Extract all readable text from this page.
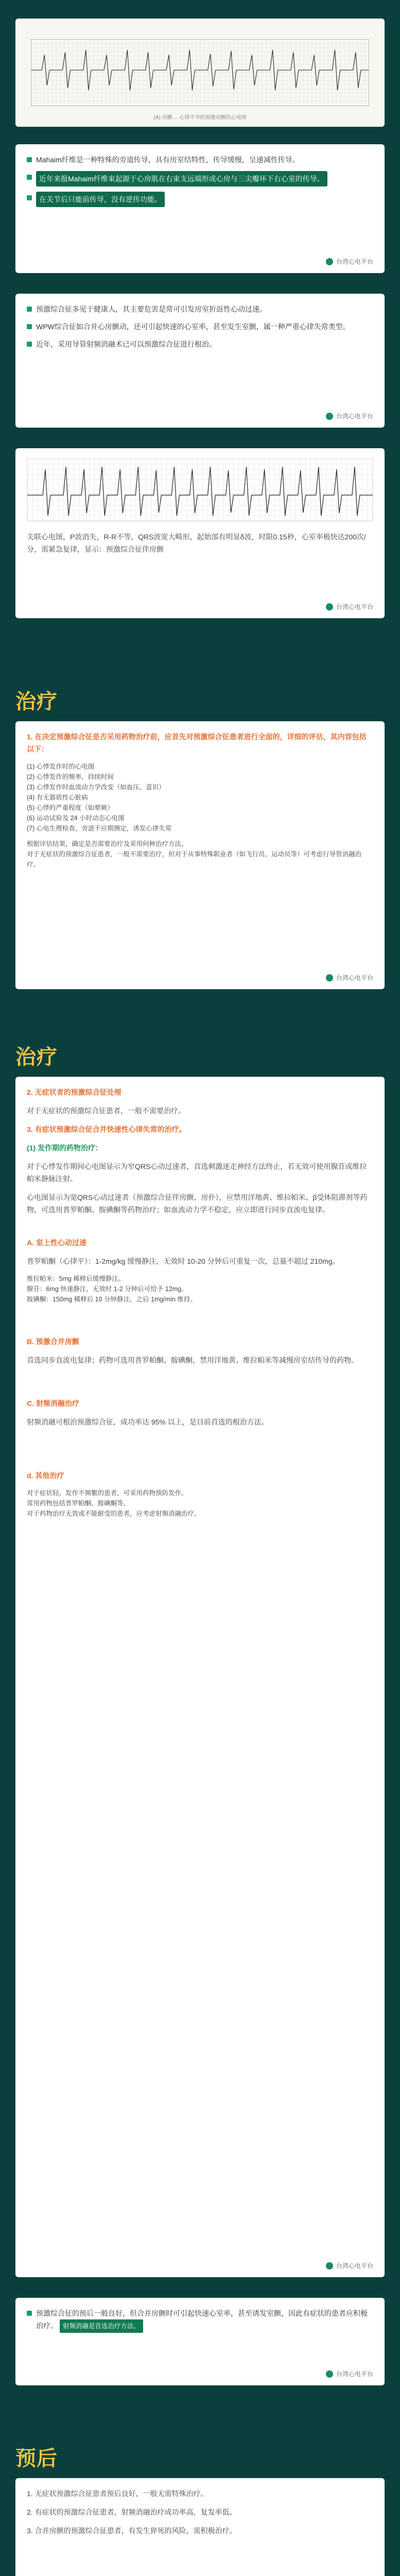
(A) 房颤 ... 心律不齐的预激房颤的心电图
Mahaim纤维是一种特殊的旁道传导，具有房室结特性，传导缓慢，呈递减性传导。
近年来报Mahaim纤维束起源于心房肌在右束支远端形成心房与三尖瓣环下右心室的传导。
在关节后只能前传导，没有逆传功能。
台湾心电平台
预激综合征多见于健康人，其主要危害是常可引发房室折返性心动过速。
WPW综合征如合并心房颤动，还可引起快速的心室率，甚至发生室颤，属一种严重心律失常类型。
近年，采用导管射频消融术已可以预激综合征进行根治。
台湾心电平台

关联心电图，P波消失，R-R不等，QRS波宽大畸形，起始部有明显δ波，时限0.15秒，心室率极快达200次/分，需紧急复律，显示：预激综合征伴房颤

台湾心电平台
治疗

1. 在决定预激综合征是否采用药物治疗前，应首先对预激综合征患者进行全面的，详细的评估，其内容包括以下：

(1) 心悸发作时的心电图

(2) 心悸发作的频率，持续时间

(3) 心悸发作时血流动力学改变（如血压、意识）

(4) 有无器质性心脏病

(5) 心悸的严重程度（如晕厥）

(6) 运动试验及 24 小时动态心电图

(7) 心电生理检查，旁道不应期测定，诱发心律失常

根据评估结果，确定是否需要治疗及采用何种治疗方法。

对于无症状的预激综合征患者，一般不需要治疗，但对于从事特殊职业者（如飞行员、运动员等）可考虑行导管消融治疗。

台湾心电平台
治疗

2. 无症状者的预激综合征处理

对于无症状的预激综合征患者，一般不需要治疗。

3. 有症状预激综合征合并快速性心律失常的治疗。

(1) 发作期的药物治疗：

对于心悸发作期间心电图显示为窄QRS心动过速者，首选刺激迷走神经方法终止，若无效可使用腺苷或维拉帕米静脉注射。

心电图显示为宽QRS心动过速者（预激综合征伴房颤、房扑），应禁用洋地黄、维拉帕米、β受体阻滞剂等药物，可选用普罗帕酮、胺碘酮等药物治疗；如血流动力学不稳定，应立即进行同步直流电复律。

A. 室上性心动过速

普罗帕酮（心律平）：1-2mg/kg 缓慢静注，无效时 10-20 分钟后可重复一次，总量不超过 210mg。

维拉帕米：5mg 稀释后缓慢静注。

腺苷：6mg 快速静注，无效时 1-2 分钟后可给予 12mg。

胺碘酮：150mg 稀释后 10 分钟静注，之后 1mg/min 维持。

B. 预激合并房颤

首选同步直流电复律；药物可选用普罗帕酮、胺碘酮，禁用洋地黄、维拉帕米等减慢房室结传导的药物。

C. 射频消融治疗

射频消融可根治预激综合征，成功率达 95% 以上，是目前首选的根治方法。

d. 其他治疗

对于症状轻、发作不频繁的患者，可采用药物预防发作。

常用药物包括普罗帕酮、胺碘酮等。

对于药物治疗无效或不能耐受的患者，应考虑射频消融治疗。

台湾心电平台
预激综合征的预后一般良好，但合并房颤时可引起快速心室率，甚至诱发室颤，因此有症状的患者应积极治疗。 射频消融是首选治疗方法。
台湾心电平台
预后

1. 无症状预激综合征患者预后良好，一般无需特殊治疗。

2. 有症状的预激综合征患者，射频消融治疗成功率高，复发率低。

3. 合并房颤的预激综合征患者，有发生猝死的风险，需积极治疗。
